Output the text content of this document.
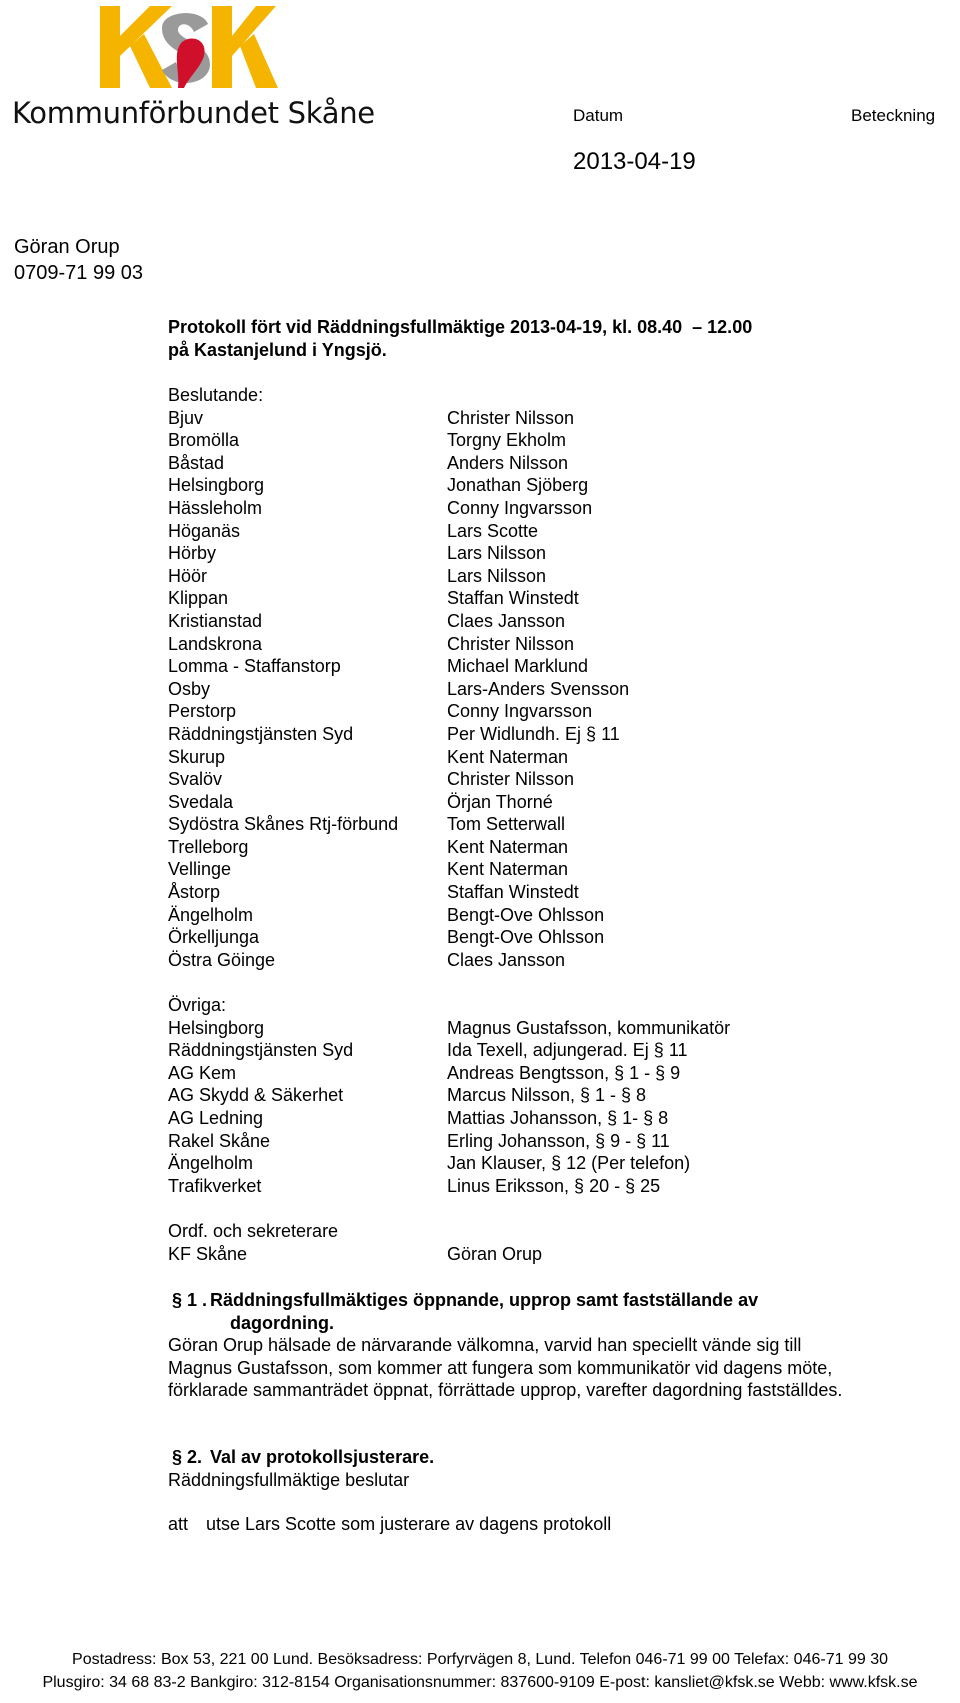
Kommunförbundet Skåne	Datum	Beteckning
2013-04-19
Göran Orup
0709-71 99 03
Protokoll fört vid Räddningsfullmäktige 2013-04-19, kl. 08.40  – 12.00
på Kastanjelund i Yngsjö.
Beslutande:
Bjuv	Christer Nilsson
Bromölla	Torgny Ekholm
Båstad	Anders Nilsson
Helsingborg	Jonathan Sjöberg
Hässleholm	Conny Ingvarsson
Höganäs	Lars Scotte
Hörby	Lars Nilsson
Höör	Lars Nilsson
Klippan	Staffan Winstedt
Kristianstad	Claes Jansson
Landskrona	Christer Nilsson
Lomma - Staffanstorp	Michael Marklund
Osby	Lars-Anders Svensson
Perstorp	Conny Ingvarsson
Räddningstjänsten Syd	Per Widlundh. Ej § 11
Skurup	Kent Naterman
Svalöv	Christer Nilsson
Svedala	Örjan Thorné
Sydöstra Skånes Rtj-förbund	Tom Setterwall
Trelleborg	Kent Naterman
Vellinge	Kent Naterman
Åstorp	Staffan Winstedt
Ängelholm	Bengt-Ove Ohlsson
Örkelljunga	Bengt-Ove Ohlsson
Östra Göinge	Claes Jansson
Övriga:
Helsingborg	Magnus Gustafsson, kommunikatör
Räddningstjänsten Syd	Ida Texell, adjungerad. Ej § 11
AG Kem	Andreas Bengtsson, § 1 - § 9
AG Skydd & Säkerhet	Marcus Nilsson, § 1 - § 8
AG Ledning	Mattias Johansson, § 1- § 8
Rakel Skåne	Erling Johansson, § 9 - § 11
Ängelholm	Jan Klauser, § 12 (Per telefon)
Trafikverket	Linus Eriksson, § 20 - § 25
Ordf. och sekreterare
KF Skåne	Göran Orup
§ 1 . Räddningsfullmäktiges öppnande, upprop samt fastställande av
dagordning.
Göran Orup hälsade de närvarande välkomna, varvid han speciellt vände sig till Magnus Gustafsson, som kommer att fungera som kommunikatör vid dagens möte, förklarade sammanträdet öppnat, förrättade upprop, varefter dagordning fastställdes.
§ 2. Val av protokollsjusterare.
Räddningsfullmäktige beslutar
att utse Lars Scotte som justerare av dagens protokoll
Postadress: Box 53, 221 00 Lund. Besöksadress: Porfyrvägen 8, Lund. Telefon 046-71 99 00 Telefax: 046-71 99 30
Plusgiro: 34 68 83-2 Bankgiro: 312-8154 Organisationsnummer: 837600-9109 E-post: kansliet@kfsk.se Webb: www.kfsk.se
